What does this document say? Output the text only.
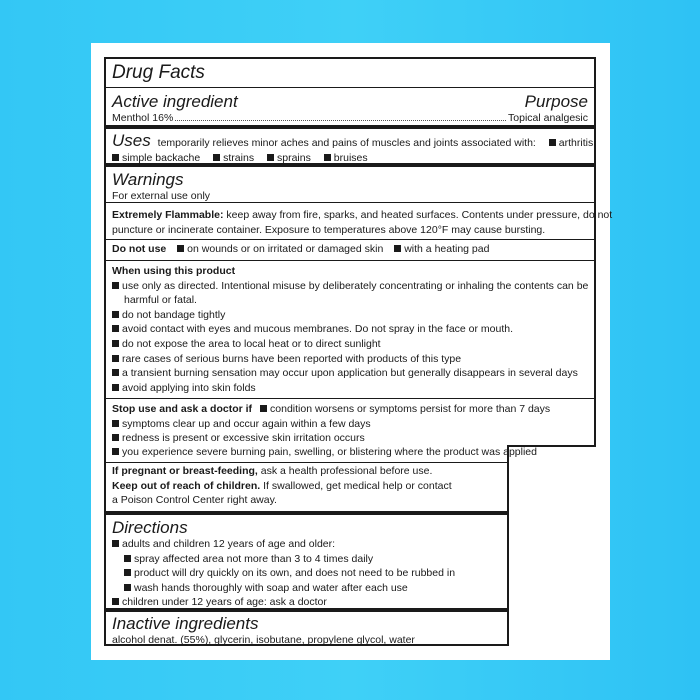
Drug Facts
Active ingredient	Purpose
Menthol 16%	Topical analgesic
Uses temporarily relieves minor aches and pains of muscles and joints associated with: arthritis
simple backache strains sprains bruises
Warnings
For external use only
Extremely Flammable: keep away from fire, sparks, and heated surfaces. Contents under pressure, do not
puncture or incinerate container. Exposure to temperatures above 120°F may cause bursting.
Do not use on wounds or on irritated or damaged skin with a heating pad
When using this product
use only as directed. Intentional misuse by deliberately concentrating or inhaling the contents can be
harmful or fatal.
do not bandage tightly
avoid contact with eyes and mucous membranes. Do not spray in the face or mouth.
do not expose the area to local heat or to direct sunlight
rare cases of serious burns have been reported with products of this type
a transient burning sensation may occur upon application but generally disappears in several days
avoid applying into skin folds
Stop use and ask a doctor if condition worsens or symptoms persist for more than 7 days
symptoms clear up and occur again within a few days
redness is present or excessive skin irritation occurs
you experience severe burning pain, swelling, or blistering where the product was applied
If pregnant or breast-feeding, ask a health professional before use.
Keep out of reach of children. If swallowed, get medical help or contact
a Poison Control Center right away.
Directions
adults and children 12 years of age and older:
spray affected area not more than 3 to 4 times daily
product will dry quickly on its own, and does not need to be rubbed in
wash hands thoroughly with soap and water after each use
children under 12 years of age: ask a doctor
Inactive ingredients
alcohol denat. (55%), glycerin, isobutane, propylene glycol, water
